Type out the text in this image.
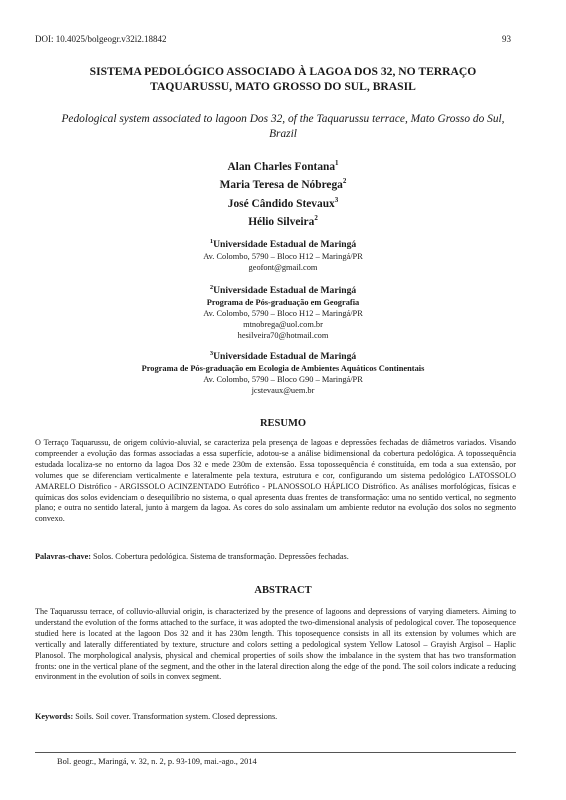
DOI: 10.4025/bolgeogr.v32i2.18842	93
SISTEMA PEDOLÓGICO ASSOCIADO À LAGOA DOS 32, NO TERRAÇO TAQUARUSSU, MATO GROSSO DO SUL, BRASIL
Pedological system associated to lagoon Dos 32, of the Taquarussu terrace, Mato Grosso do Sul, Brazil
Alan Charles Fontana$^1$
Maria Teresa de Nóbrega$^2$
José Cândido Stevaux$^3$
Hélio Silveira$^2$
$^1$Universidade Estadual de Maringá
Av. Colombo, 5790 – Bloco H12 – Maringá/PR
geofont@gmail.com
$^2$Universidade Estadual de Maringá
Programa de Pós-graduação em Geografia
Av. Colombo, 5790 – Bloco H12 – Maringá/PR
mtnobrega@uol.com.br
hesilveira70@hotmail.com
$^3$Universidade Estadual de Maringá
Programa de Pós-graduação em Ecologia de Ambientes Aquáticos Continentais
Av. Colombo, 5790 – Bloco G90 – Maringá/PR
jcstevaux@uem.br
RESUMO
O Terraço Taquarussu, de origem colúvio-aluvial, se caracteriza pela presença de lagoas e depressões fechadas de diâmetros variados. Visando compreender a evolução das formas associadas a essa superfície, adotou-se a análise bidimensional da cobertura pedológica. A topossequência estudada localiza-se no entorno da lagoa Dos 32 e mede 230m de extensão. Essa topossequência é constituída, em toda a sua extensão, por volumes que se diferenciam verticalmente e lateralmente pela textura, estrutura e cor, configurando um sistema pedológico LATOSSOLO AMARELO Distrófico - ARGISSOLO ACINZENTADO Eutrófico - PLANOSSOLO HÁPLICO Distrófico. As análises morfológicas, físicas e químicas dos solos evidenciam o desequilíbrio no sistema, o qual apresenta duas frentes de transformação: uma no sentido vertical, no segmento plano; e outra no sentido lateral, junto à margem da lagoa. As cores do solo assinalam um ambiente redutor na evolução dos solos no segmento convexo.
Palavras-chave: Solos. Cobertura pedológica. Sistema de transformação. Depressões fechadas.
ABSTRACT
The Taquarussu terrace, of colluvio-alluvial origin, is characterized by the presence of lagoons and depressions of varying diameters. Aiming to understand the evolution of the forms attached to the surface, it was adopted the two-dimensional analysis of pedological cover. The toposequence studied here is located at the lagoon Dos 32 and it has 230m length. This toposequence consists in all its extension by volumes which are vertically and laterally differentiated by texture, structure and colors setting a pedological system Yellow Latosol – Grayish Argisol – Haplic Planosol. The morphological analysis, physical and chemical properties of soils show the imbalance in the system that has two transformation fronts: one in the vertical plane of the segment, and the other in the lateral direction along the edge of the pond. The soil colors indicate a reducing environment in the evolution of soils in convex segment.
Keywords: Soils. Soil cover. Transformation system. Closed depressions.
Bol. geogr., Maringá, v. 32, n. 2, p. 93-109, mai.-ago., 2014
